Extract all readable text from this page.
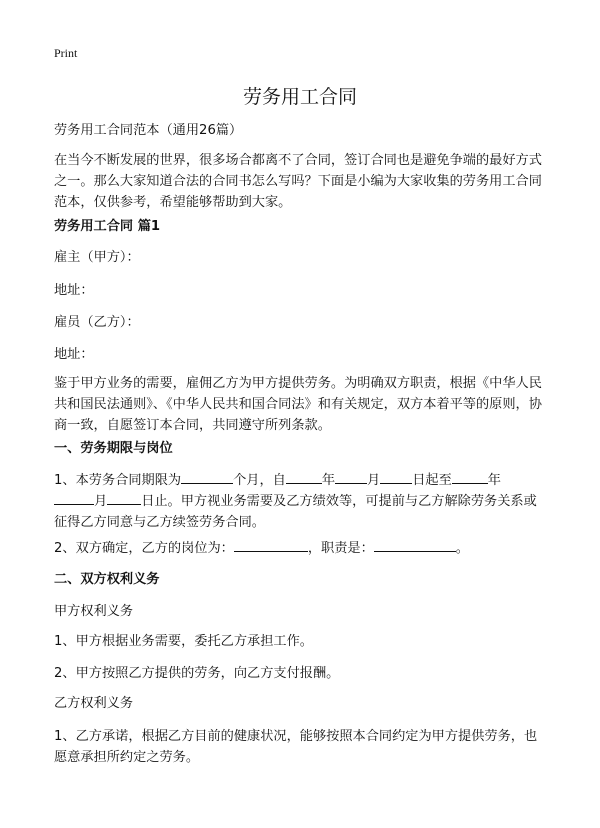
Print
劳务用工合同
劳务用工合同范本（通用26篇）
在当今不断发展的世界，很多场合都离不了合同，签订合同也是避免争端的最好方式之一。那么大家知道合法的合同书怎么写吗？下面是小编为大家收集的劳务用工合同范本，仅供参考，希望能够帮助到大家。
劳务用工合同 篇1
雇主（甲方）：
地址：
雇员（乙方）：
地址：
鉴于甲方业务的需要，雇佣乙方为甲方提供劳务。为明确双方职责，根据《中华人民共和国民法通则》、《中华人民共和国合同法》和有关规定，双方本着平等的原则，协商一致，自愿签订本合同，共同遵守所列条款。
一、劳务期限与岗位
1、本劳务合同期限为	个月，自	年 月 日起至	年
月	日止。甲方视业务需要及乙方绩效等，可提前与乙方解除劳务关系或征得乙方同意与乙方续签劳务合同。
2、双方确定，乙方的岗位为：	，职责是：	。
二、双方权利义务
甲方权利义务
1、甲方根据业务需要，委托乙方承担工作。
2、甲方按照乙方提供的劳务，向乙方支付报酬。
乙方权利义务
1、乙方承诺，根据乙方目前的健康状况，能够按照本合同约定为甲方提供劳务，也愿意承担所约定之劳务。
